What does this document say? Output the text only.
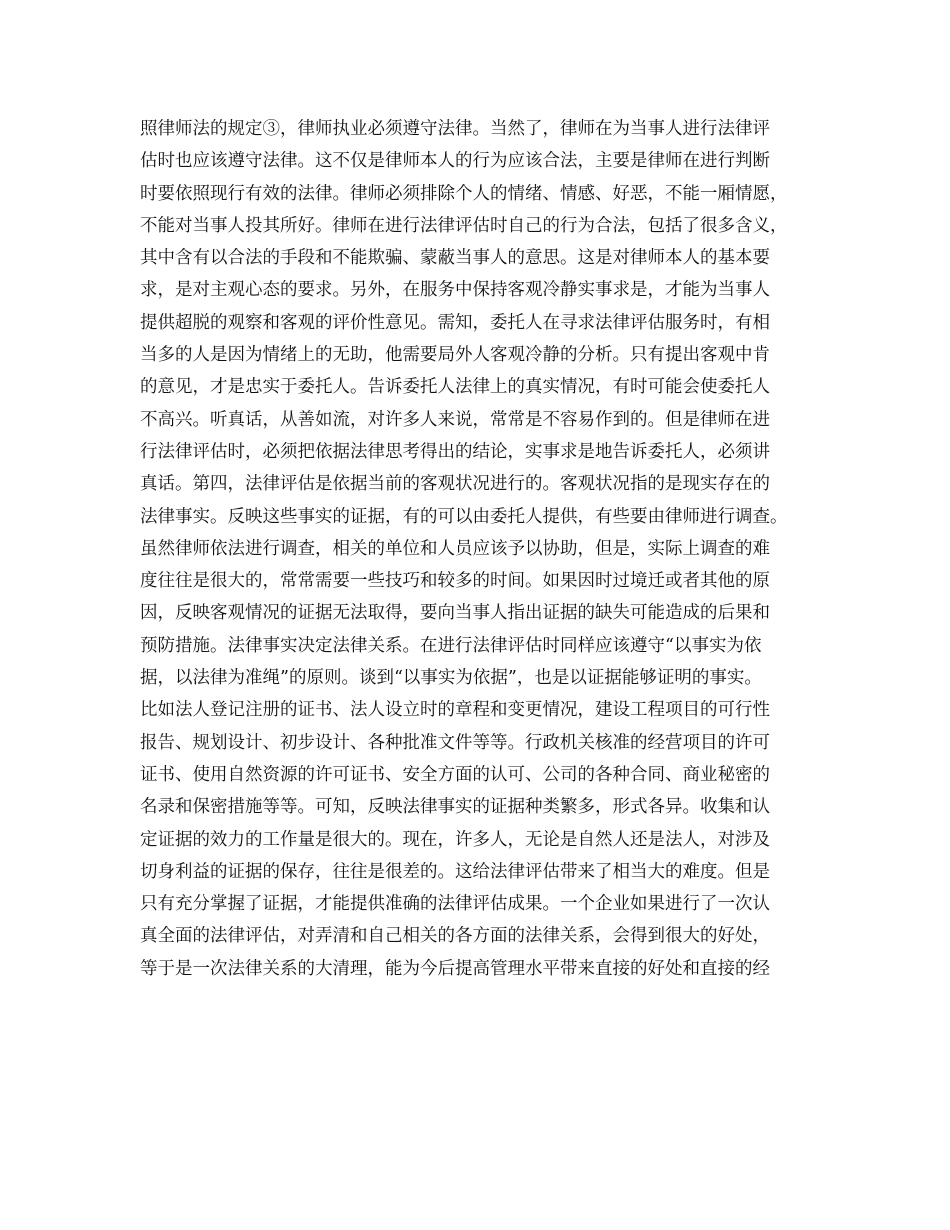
照律师法的规定③，律师执业必须遵守法律。当然了，律师在为当事人进行法律评
估时也应该遵守法律。这不仅是律师本人的行为应该合法，主要是律师在进行判断
时要依照现行有效的法律。律师必须排除个人的情绪、情感、好恶，不能一厢情愿，
不能对当事人投其所好。律师在进行法律评估时自己的行为合法，包括了很多含义，
其中含有以合法的手段和不能欺骗、蒙蔽当事人的意思。这是对律师本人的基本要
求，是对主观心态的要求。另外，在服务中保持客观冷静实事求是，才能为当事人
提供超脱的观察和客观的评价性意见。需知，委托人在寻求法律评估服务时，有相
当多的人是因为情绪上的无助，他需要局外人客观冷静的分析。只有提出客观中肯
的意见，才是忠实于委托人。告诉委托人法律上的真实情况，有时可能会使委托人
不高兴。听真话，从善如流，对许多人来说，常常是不容易作到的。但是律师在进
行法律评估时，必须把依据法律思考得出的结论，实事求是地告诉委托人，必须讲
真话。第四，法律评估是依据当前的客观状况进行的。客观状况指的是现实存在的
法律事实。反映这些事实的证据，有的可以由委托人提供，有些要由律师进行调查。
虽然律师依法进行调查，相关的单位和人员应该予以协助，但是，实际上调查的难
度往往是很大的，常常需要一些技巧和较多的时间。如果因时过境迁或者其他的原
因，反映客观情况的证据无法取得，要向当事人指出证据的缺失可能造成的后果和
预防措施。法律事实决定法律关系。在进行法律评估时同样应该遵守“以事实为依
据，以法律为准绳”的原则。谈到“以事实为依据”，也是以证据能够证明的事实。
比如法人登记注册的证书、法人设立时的章程和变更情况，建设工程项目的可行性
报告、规划设计、初步设计、各种批准文件等等。行政机关核准的经营项目的许可
证书、使用自然资源的许可证书、安全方面的认可、公司的各种合同、商业秘密的
名录和保密措施等等。可知，反映法律事实的证据种类繁多，形式各异。收集和认
定证据的效力的工作量是很大的。现在，许多人，无论是自然人还是法人，对涉及
切身利益的证据的保存，往往是很差的。这给法律评估带来了相当大的难度。但是
只有充分掌握了证据，才能提供准确的法律评估成果。一个企业如果进行了一次认
真全面的法律评估，对弄清和自己相关的各方面的法律关系，会得到很大的好处，
等于是一次法律关系的大清理，能为今后提高管理水平带来直接的好处和直接的经
